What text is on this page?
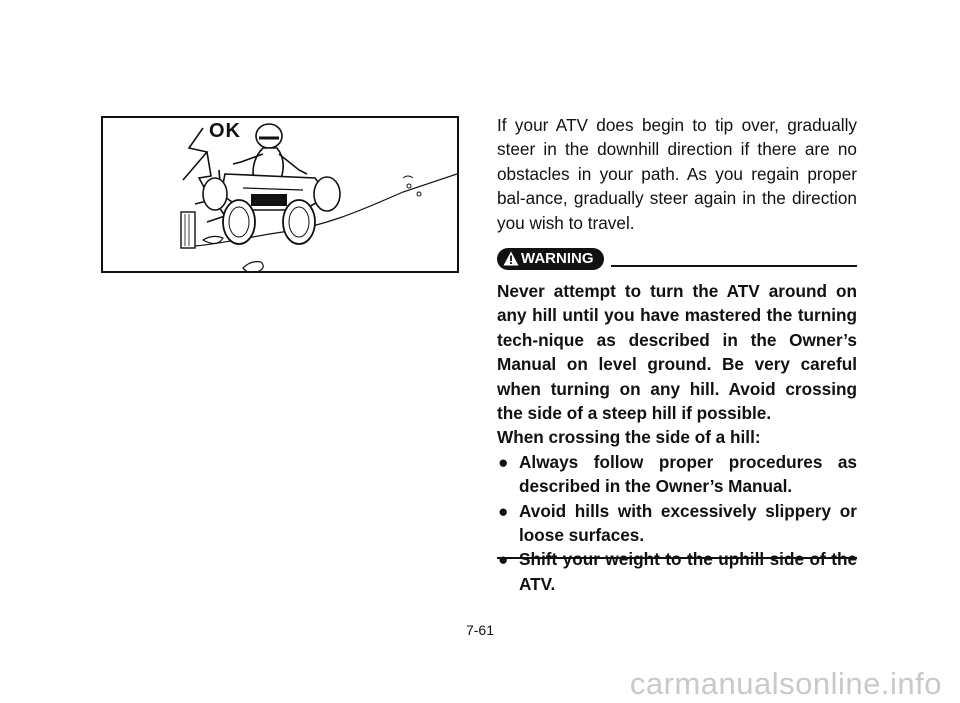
OK	If your ATV does begin to tip over, gradually steer in the downhill direction if there are no obstacles in your path. As you regain proper bal-ance, gradually steer again in the direction you wish to travel.

WARNING

Never attempt to turn the ATV around on any hill until you have mastered the turning tech-nique as described in the Owner’s Manual on level ground. Be very careful when turning on any hill. Avoid crossing the side of a steep hill if possible.

When crossing the side of a hill:

● Always follow proper procedures as described in the Owner’s Manual.
● Avoid hills with excessively slippery or loose surfaces.
● Shift your weight to the uphill side of the ATV.
7-61
carmanualsonline.info
